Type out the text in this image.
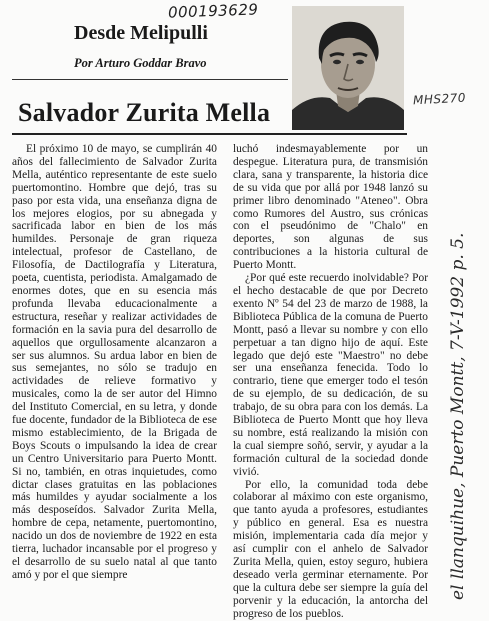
000193629
Desde Melipulli
Por Arturo Goddar Bravo
MHS270
Salvador Zurita Mella
El próximo 10 de mayo, se cumplirán 40 años del fallecimiento de Salvador Zurita Mella, auténtico representante de este suelo puertomontino. Hombre que dejó, tras su paso por esta vida, una enseñanza digna de los mejores elogios, por su abnegada y sacrificada labor en bien de los más humildes. Personaje de gran riqueza intelectual, profesor de Castellano, de Filosofía, de Dactilografía y Literatura, poeta, cuentista, periodista. Amalgamado de enormes dotes, que en su esencia más profunda llevaba educacionalmente a estructura, reseñar y realizar actividades de formación en la savia pura del desarrollo de aquellos que orgullosamente alcanzaron a ser sus alumnos. Su ardua labor en bien de sus semejantes, no sólo se tradujo en actividades de relieve formativo y musicales, como la de ser autor del Himno del Instituto Comercial, en su letra, y donde fue docente, fundador de la Biblioteca de ese mismo establecimiento, de la Brigada de Boys Scouts o impulsando la idea de crear un Centro Universitario para Puerto Montt. Si no, también, en otras inquietudes, como dictar clases gratuitas en las poblaciones más humildes y ayudar socialmente a los más desposeídos. Salvador Zurita Mella, hombre de cepa, netamente, puertomontino, nacido un dos de noviembre de 1922 en esta tierra, luchador incansable por el progreso y el desarrollo de su suelo natal al que tanto amó y por el que siempre

luchó indesmayablemente por un despegue. Literatura pura, de transmisión clara, sana y transparente, la historia dice de su vida que por allá por 1948 lanzó su primer libro denominado "Ateneo". Obra como Rumores del Austro, sus crónicas con el pseudónimo de "Chalo" en deportes, son algunas de sus contribuciones a la historia cultural de Puerto Montt.

¿Por qué este recuerdo inolvidable? Por el hecho destacable de que por Decreto exento Nº 54 del 23 de marzo de 1988, la Biblioteca Pública de la comuna de Puerto Montt, pasó a llevar su nombre y con ello perpetuar a tan digno hijo de aquí. Este legado que dejó este "Maestro" no debe ser una enseñanza fenecida. Todo lo contrario, tiene que emerger todo el tesón de su ejemplo, de su dedicación, de su trabajo, de su obra para con los demás. La Biblioteca de Puerto Montt que hoy lleva su nombre, está realizando la misión con la cual siempre soñó, servir, y ayudar a la formación cultural de la sociedad donde vivió.

Por ello, la comunidad toda debe colaborar al máximo con este organismo, que tanto ayuda a profesores, estudiantes y público en general. Esa es nuestra misión, implementaria cada día mejor y así cumplir con el anhelo de Salvador Zurita Mella, quien, estoy seguro, hubiera deseado verla germinar eternamente. Por que la cultura debe ser siempre la guía del porvenir y la educación, la antorcha del progreso de los pueblos.

el llanquihue, Puerto Montt, 7-V-1992 p. 5.
